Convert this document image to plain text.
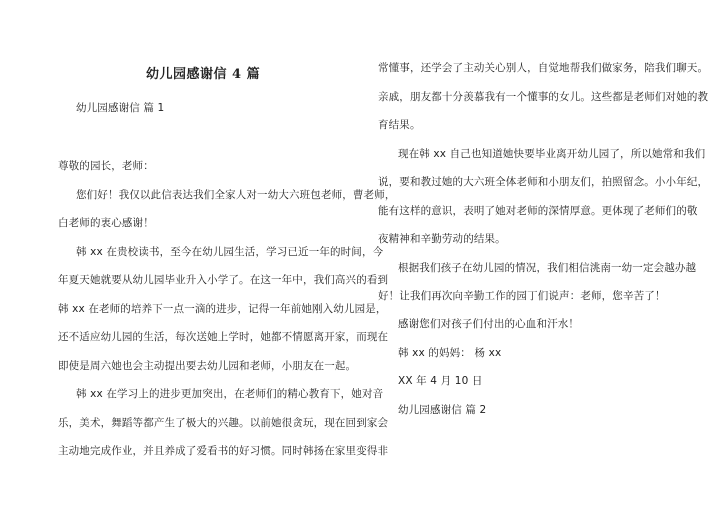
幼儿园感谢信 4 篇
幼儿园感谢信 篇 1
尊敬的园长，老师：
您们好！我仅以此信表达我们全家人对一幼大六班包老师，曹老师，
白老师的衷心感谢！
韩 xx 在贵校读书，至今在幼儿园生活，学习已近一年的时间，今
年夏天她就要从幼儿园毕业升入小学了。在这一年中，我们高兴的看到
韩 xx 在老师的培养下一点一滴的进步，记得一年前她刚入幼儿园是，
还不适应幼儿园的生活，每次送她上学时，她都不情愿离开家，而现在
即使是周六她也会主动提出要去幼儿园和老师，小朋友在一起。
韩 xx 在学习上的进步更加突出，在老师们的精心教育下，她对音
乐，美术，舞蹈等都产生了极大的兴趣。以前她很贪玩，现在回到家会
主动地完成作业，并且养成了爱看书的好习惯。同时韩扬在家里变得非
常懂事，还学会了主动关心别人，自觉地帮我们做家务，陪我们聊天。
亲戚，朋友都十分羡慕我有一个懂事的女儿。这些都是老师们对她的教
育结果。
现在韩 xx 自己也知道她快要毕业离开幼儿园了，所以她常和我们
说，要和教过她的大六班全体老师和小朋友们，拍照留念。小小年纪，
能有这样的意识，表明了她对老师的深情厚意。更体现了老师们的敬
夜精神和辛勤劳动的结果。
根据我们孩子在幼儿园的情况，我们相信洮南一幼一定会越办越
好！让我们再次向辛勤工作的园丁们说声：老师，您辛苦了！
感谢您们对孩子们付出的心血和汗水！
韩 xx 的妈妈： 杨 xx
XX 年 4 月 10 日
幼儿园感谢信 篇 2
